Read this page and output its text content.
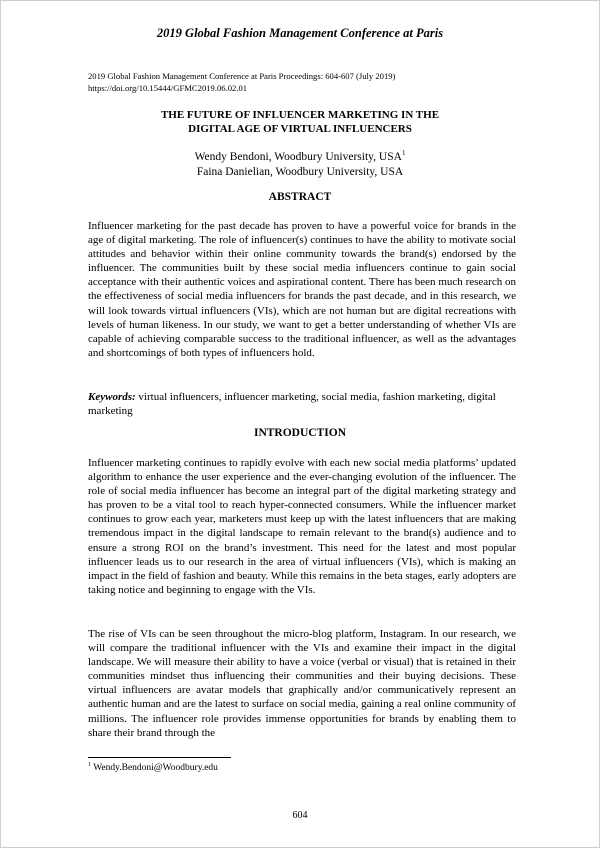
2019 Global Fashion Management Conference at Paris
2019 Global Fashion Management Conference at Paris Proceedings: 604-607 (July 2019)
https://doi.org/10.15444/GFMC2019.06.02.01
THE FUTURE OF INFLUENCER MARKETING IN THE
DIGITAL AGE OF VIRTUAL INFLUENCERS
Wendy Bendoni, Woodbury University, USA$^1$
Faina Danielian, Woodbury University, USA
ABSTRACT
Influencer marketing for the past decade has proven to have a powerful voice for brands in the age of digital marketing. The role of influencer(s) continues to have the ability to motivate social attitudes and behavior within their online community towards the brand(s) endorsed by the influencer. The communities built by these social media influencers continue to gain social acceptance with their authentic voices and aspirational content. There has been much research on the effectiveness of social media influencers for brands the past decade, and in this research, we will look towards virtual influencers (VIs), which are not human but are digital recreations with levels of human likeness. In our study, we want to get a better understanding of whether VIs are capable of achieving comparable success to the traditional influencer, as well as the advantages and shortcomings of both types of influencers hold.
Keywords: virtual influencers, influencer marketing, social media, fashion marketing, digital marketing
INTRODUCTION
Influencer marketing continues to rapidly evolve with each new social media platforms’ updated algorithm to enhance the user experience and the ever-changing evolution of the influencer. The role of social media influencer has become an integral part of the digital marketing strategy and has proven to be a vital tool to reach hyper-connected consumers. While the influencer market continues to grow each year, marketers must keep up with the latest influencers that are making tremendous impact in the digital landscape to remain relevant to the brand(s) audience and to ensure a strong ROI on the brand’s investment. This need for the latest and most popular influencer leads us to our research in the area of virtual influencers (VIs), which is making an impact in the field of fashion and beauty. While this remains in the beta stages, early adopters are taking notice and beginning to engage with the VIs.
The rise of VIs can be seen throughout the micro-blog platform, Instagram. In our research, we will compare the traditional influencer with the VIs and examine their impact in the digital landscape. We will measure their ability to have a voice (verbal or visual) that is retained in their communities mindset thus influencing their communities and their buying decisions. These virtual influencers are avatar models that graphically and/or communicatively represent an authentic human and are the latest to surface on social media, gaining a real online community of millions. The influencer role provides immense opportunities for brands by enabling them to share their brand through the
$^1$ Wendy.Bendoni@Woodbury.edu
604
